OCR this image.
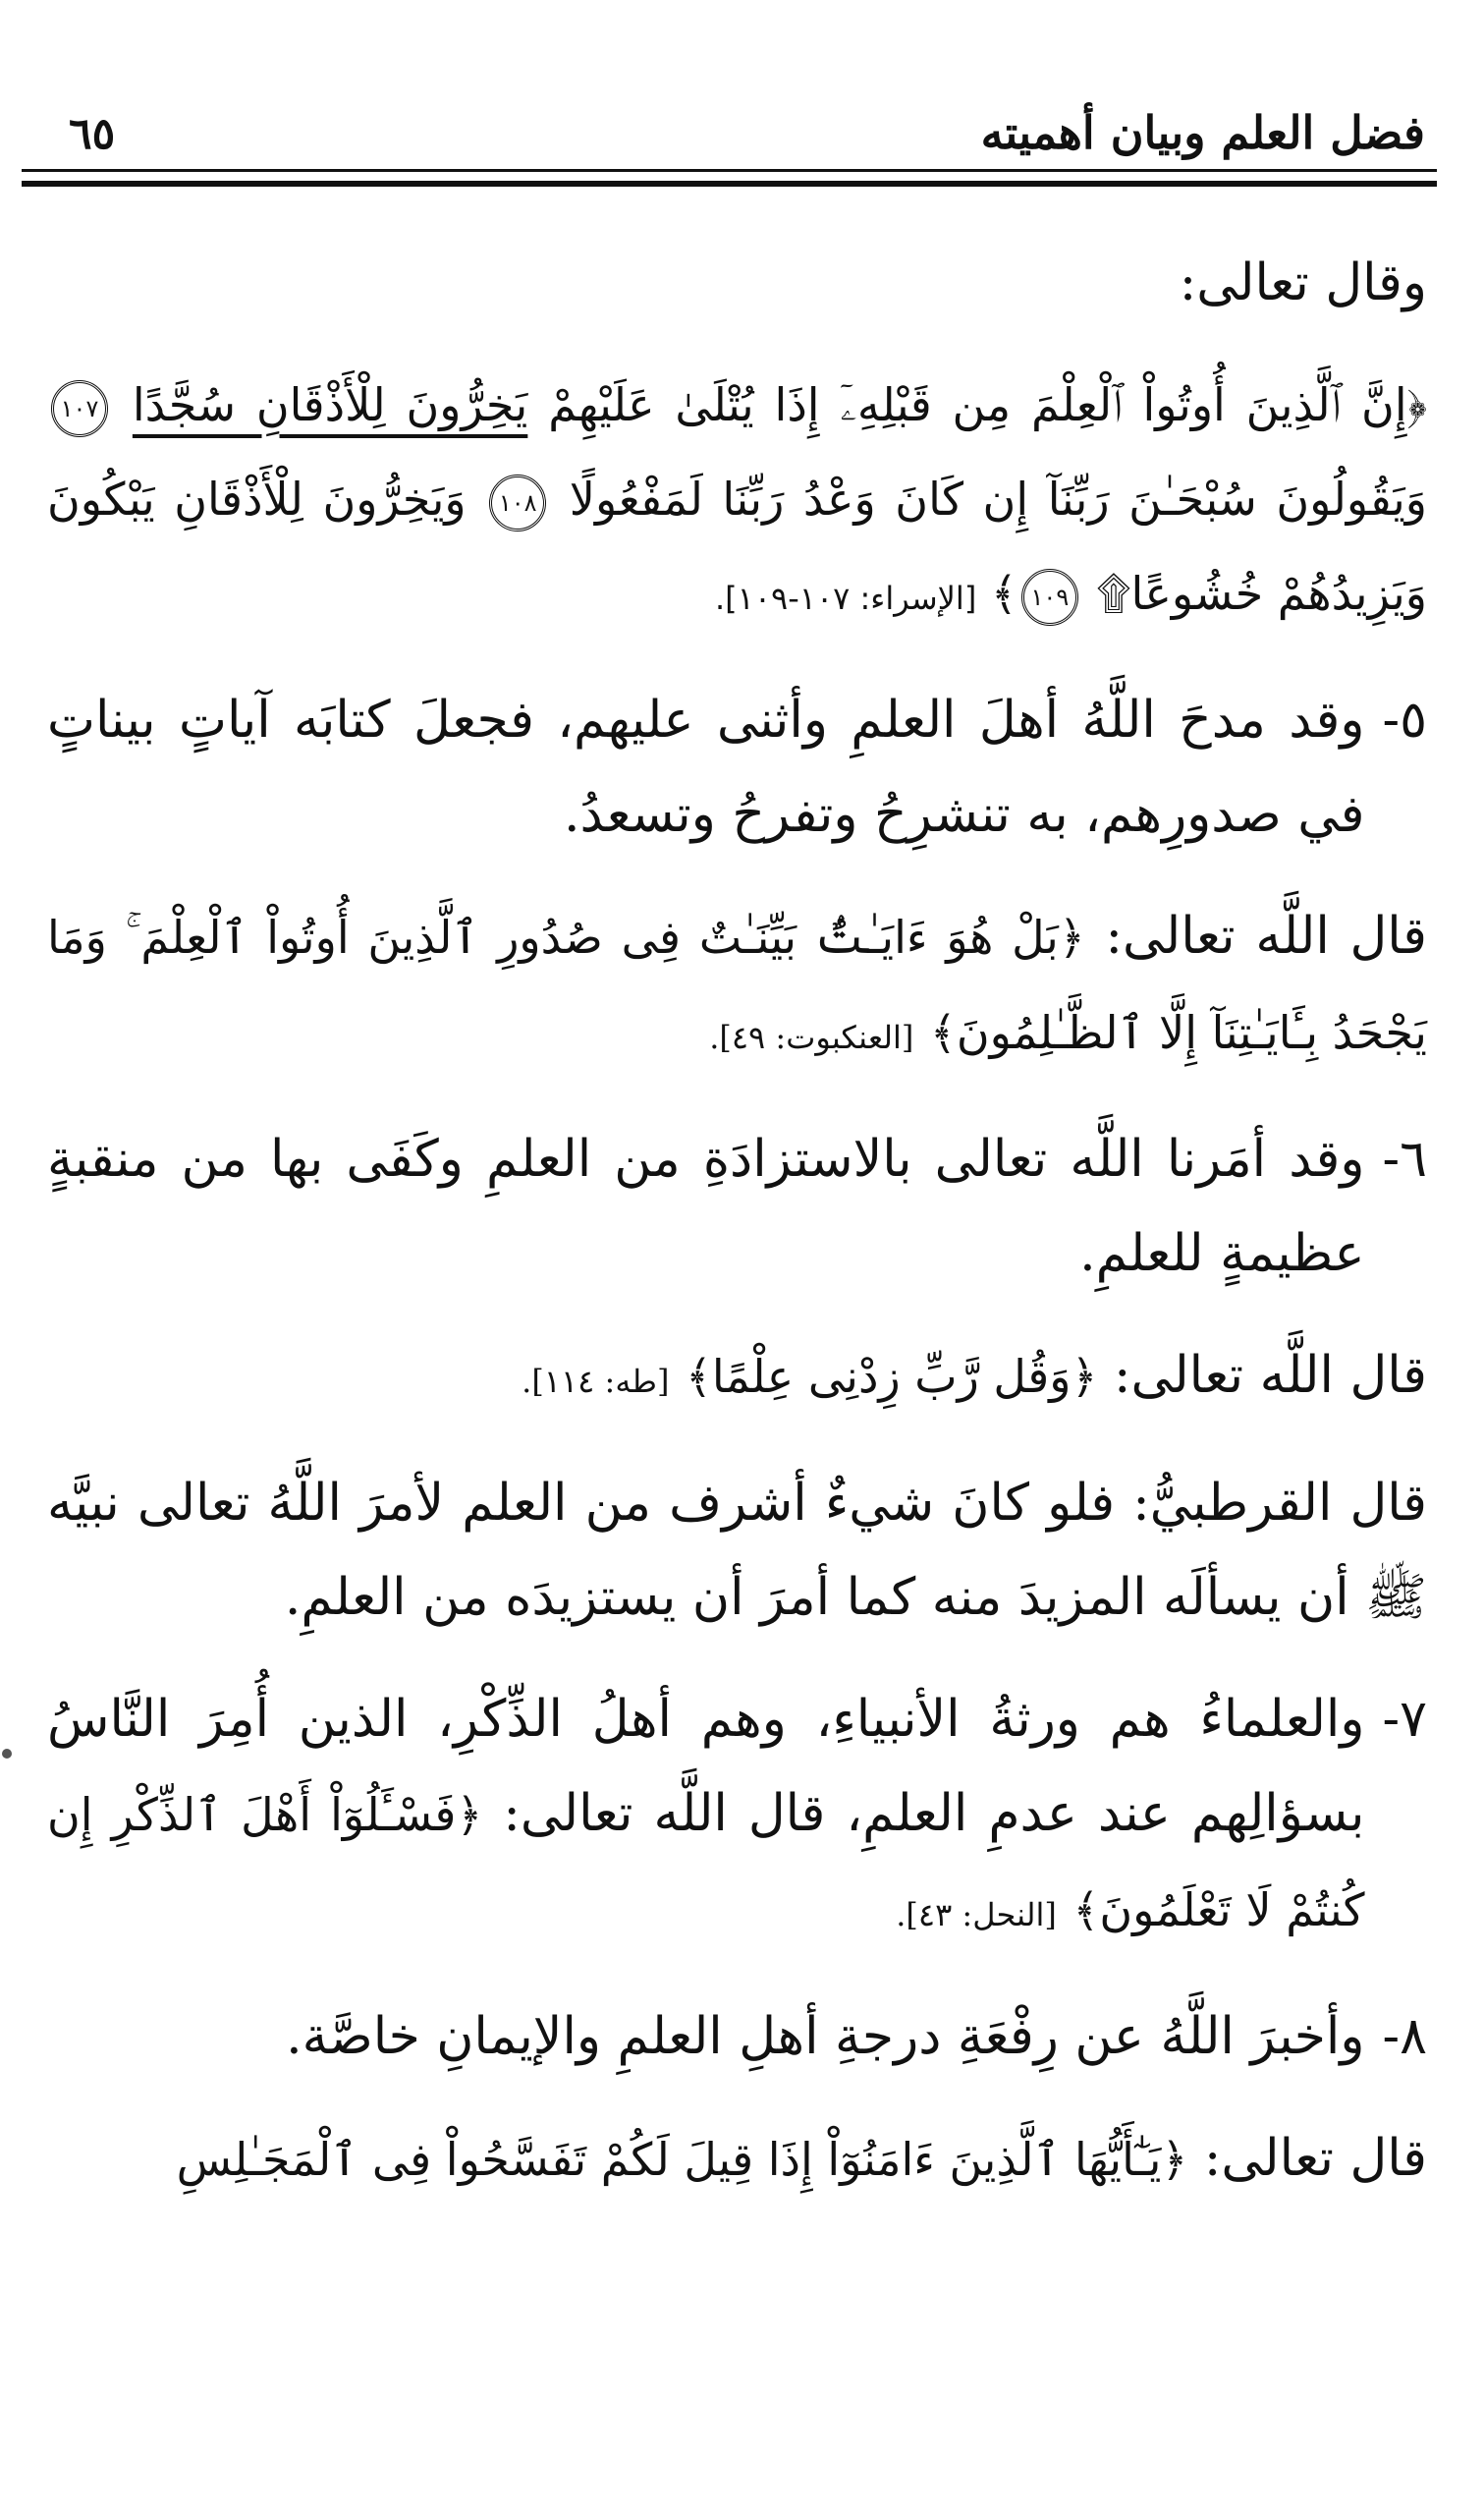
فضل العلم وبيان أهميته
٦٥

وقال تعالى:

﴿إِنَّ ٱلَّذِينَ أُوتُواْ ٱلْعِلْمَ مِن قَبْلِهِۦٓ إِذَا يُتْلَىٰ عَلَيْهِمْ يَخِرُّونَ لِلْأَذْقَانِ سُجَّدًا ١٠٧ وَيَقُولُونَ سُبْحَـٰنَ رَبِّنَآ إِن كَانَ وَعْدُ رَبِّنَا لَمَفْعُولًا ١٠٨ وَيَخِرُّونَ لِلْأَذْقَانِ يَبْكُونَ وَيَزِيدُهُمْ خُشُوعًا۩ ١٠٩﴾ [الإسراء: ١٠٧-١٠٩].

٥-
وقد مدحَ اللَّهُ أهلَ العلمِ وأثنى عليهم، فجعلَ كتابَه آياتٍ بيناتٍ في صدورِهم، به تنشرِحُ وتفرحُ وتسعدُ.

قال اللَّه تعالى: ﴿بَلْ هُوَ ءَايَـٰتٌۢ بَيِّنَـٰتٌ فِى صُدُورِ ٱلَّذِينَ أُوتُواْ ٱلْعِلْمَ ۚ وَمَا يَجْحَدُ بِـَٔايَـٰتِنَآ إِلَّا ٱلظَّـٰلِمُونَ﴾ [العنكبوت: ٤٩].

٦-
وقد أمَرنا اللَّه تعالى بالاستزادَةِ من العلمِ وكَفَى بها من منقبةٍ عظيمةٍ للعلمِ.

قال اللَّه تعالى: ﴿وَقُل رَّبِّ زِدْنِى عِلْمًا﴾ [طه: ١١٤].

قال القرطبيُّ: فلو كانَ شيءٌ أشرف من العلم لأمرَ اللَّهُ تعالى نبيَّه ﷺ أن يسألَه المزيدَ منه كما أمرَ أن يستزيدَه من العلمِ.

٧-
والعلماءُ هم ورثةُ الأنبياءِ، وهم أهلُ الذِّكْرِ، الذين أُمِرَ النَّاسُ بسؤالِهم عند عدمِ العلمِ، قال اللَّه تعالى: ﴿فَسْـَٔلُوٓاْ أَهْلَ ٱلذِّكْرِ إِن كُنتُمْ لَا تَعْلَمُونَ﴾ [النحل: ٤٣].

٨-
وأخبرَ اللَّهُ عن رِفْعَةِ درجةِ أهلِ العلمِ والإيمانِ خاصَّة.

قال تعالى: ﴿يَـٰٓأَيُّهَا ٱلَّذِينَ ءَامَنُوٓاْ إِذَا قِيلَ لَكُمْ تَفَسَّحُواْ فِى ٱلْمَجَـٰلِسِ
